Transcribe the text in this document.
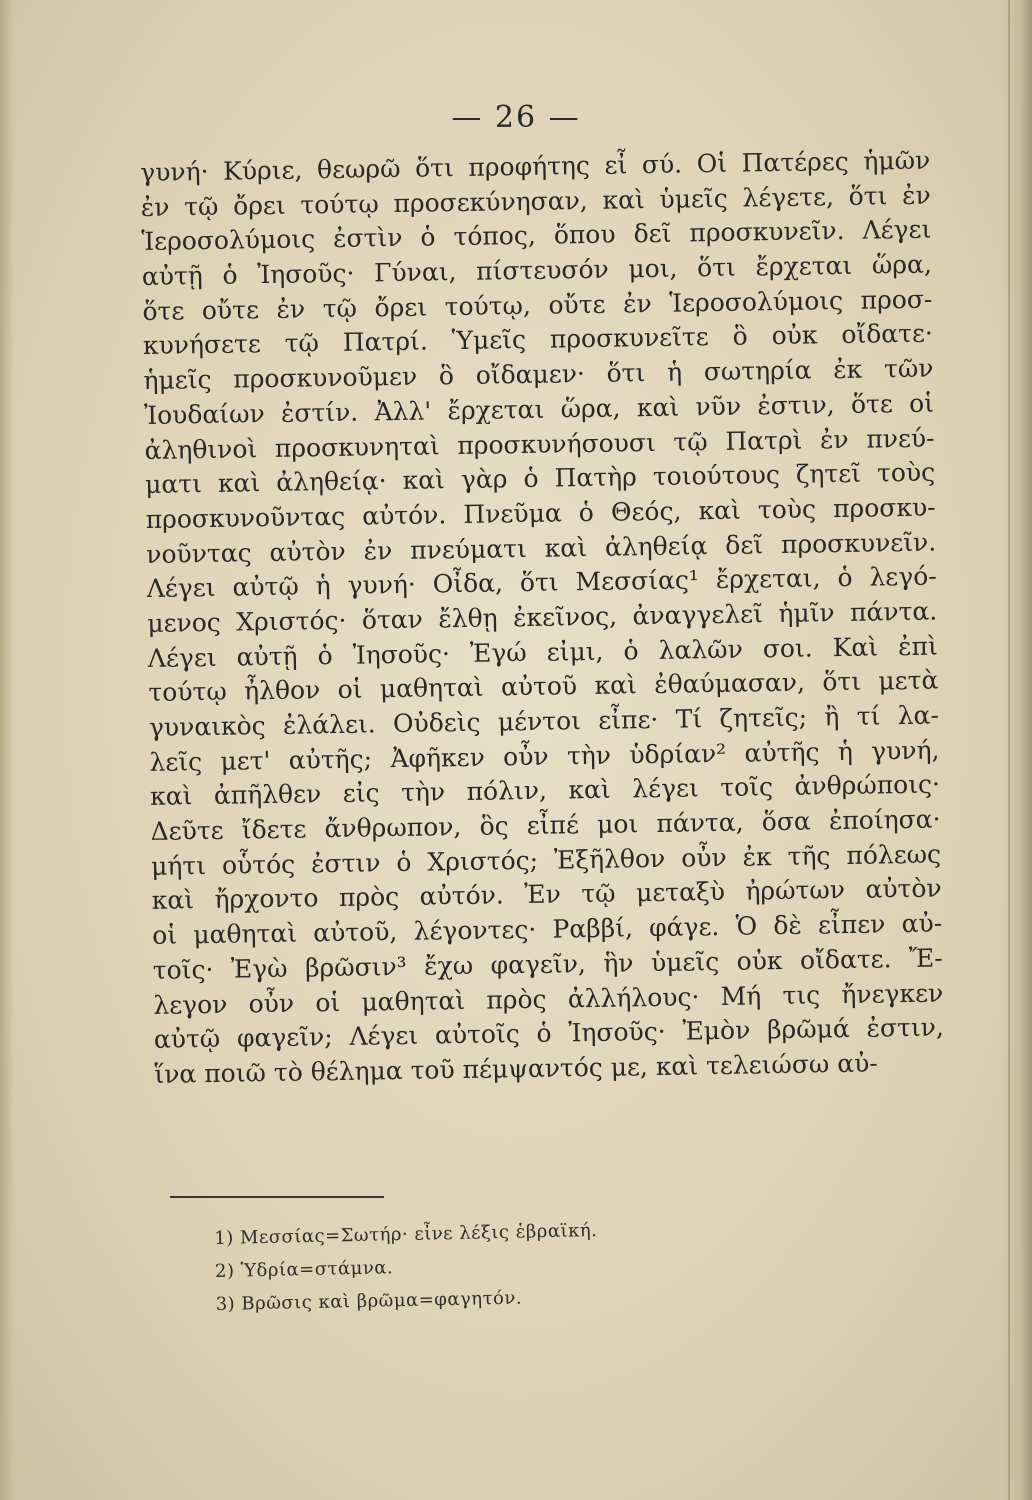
— 26 —
γυνή· Κύριε, θεωρῶ ὅτι προφήτης εἶ σύ. Οἱ Πατέρες ἡμῶν
ἐν τῷ ὄρει τούτῳ προσεκύνησαν, καὶ ὑμεῖς λέγετε, ὅτι ἐν
Ἱεροσολύμοις ἐστὶν ὁ τόπος, ὅπου δεῖ προσκυνεῖν. Λέγει
αὐτῇ ὁ Ἰησοῦς· Γύναι, πίστευσόν μοι, ὅτι ἔρχεται ὥρα,
ὅτε οὔτε ἐν τῷ ὄρει τούτῳ, οὔτε ἐν Ἱεροσολύμοις προσ-
κυνήσετε τῷ Πατρί. Ὑμεῖς προσκυνεῖτε ὃ οὐκ οἴδατε·
ἡμεῖς προσκυνοῦμεν ὃ οἴδαμεν· ὅτι ἡ σωτηρία ἐκ τῶν
Ἰουδαίων ἐστίν. Ἀλλ' ἔρχεται ὥρα, καὶ νῦν ἐστιν, ὅτε οἱ
ἀληθινοὶ προσκυνηταὶ προσκυνήσουσι τῷ Πατρὶ ἐν πνεύ-
ματι καὶ ἀληθείᾳ· καὶ γὰρ ὁ Πατὴρ τοιούτους ζητεῖ τοὺς
προσκυνοῦντας αὐτόν. Πνεῦμα ὁ Θεός, καὶ τοὺς προσκυ-
νοῦντας αὐτὸν ἐν πνεύματι καὶ ἀληθείᾳ δεῖ προσκυνεῖν.
Λέγει αὐτῷ ἡ γυνή· Οἶδα, ὅτι Μεσσίας¹ ἔρχεται, ὁ λεγό-
μενος Χριστός· ὅταν ἔλθῃ ἐκεῖνος, ἀναγγελεῖ ἡμῖν πάντα.
Λέγει αὐτῇ ὁ Ἰησοῦς· Ἐγώ εἰμι, ὁ λαλῶν σοι. Καὶ ἐπὶ
τούτῳ ἦλθον οἱ μαθηταὶ αὐτοῦ καὶ ἐθαύμασαν, ὅτι μετὰ
γυναικὸς ἐλάλει. Οὐδεὶς μέντοι εἶπε· Τί ζητεῖς; ἢ τί λα-
λεῖς μετ' αὐτῆς; Ἀφῆκεν οὖν τὴν ὑδρίαν² αὐτῆς ἡ γυνή,
καὶ ἀπῆλθεν εἰς τὴν πόλιν, καὶ λέγει τοῖς ἀνθρώποις·
Δεῦτε ἴδετε ἄνθρωπον, ὃς εἶπέ μοι πάντα, ὅσα ἐποίησα·
μήτι οὗτός ἐστιν ὁ Χριστός; Ἐξῆλθον οὖν ἐκ τῆς πόλεως
καὶ ἤρχοντο πρὸς αὐτόν. Ἐν τῷ μεταξὺ ἠρώτων αὐτὸν
οἱ μαθηταὶ αὐτοῦ, λέγοντες· Ραββί, φάγε. Ὁ δὲ εἶπεν αὐ-
τοῖς· Ἐγὼ βρῶσιν³ ἔχω φαγεῖν, ἣν ὑμεῖς οὐκ οἴδατε. Ἔ-
λεγον οὖν οἱ μαθηταὶ πρὸς ἀλλήλους· Μή τις ἤνεγκεν
αὐτῷ φαγεῖν; Λέγει αὐτοῖς ὁ Ἰησοῦς· Ἐμὸν βρῶμά ἐστιν,
ἵνα ποιῶ τὸ θέλημα τοῦ πέμψαντός με, καὶ τελειώσω αὐ-
1) Μεσσίας=Σωτήρ· εἶνε λέξις ἑβραϊκή.
2) Ὑδρία=στάμνα.
3) Βρῶσις καὶ βρῶμα=φαγητόν.
